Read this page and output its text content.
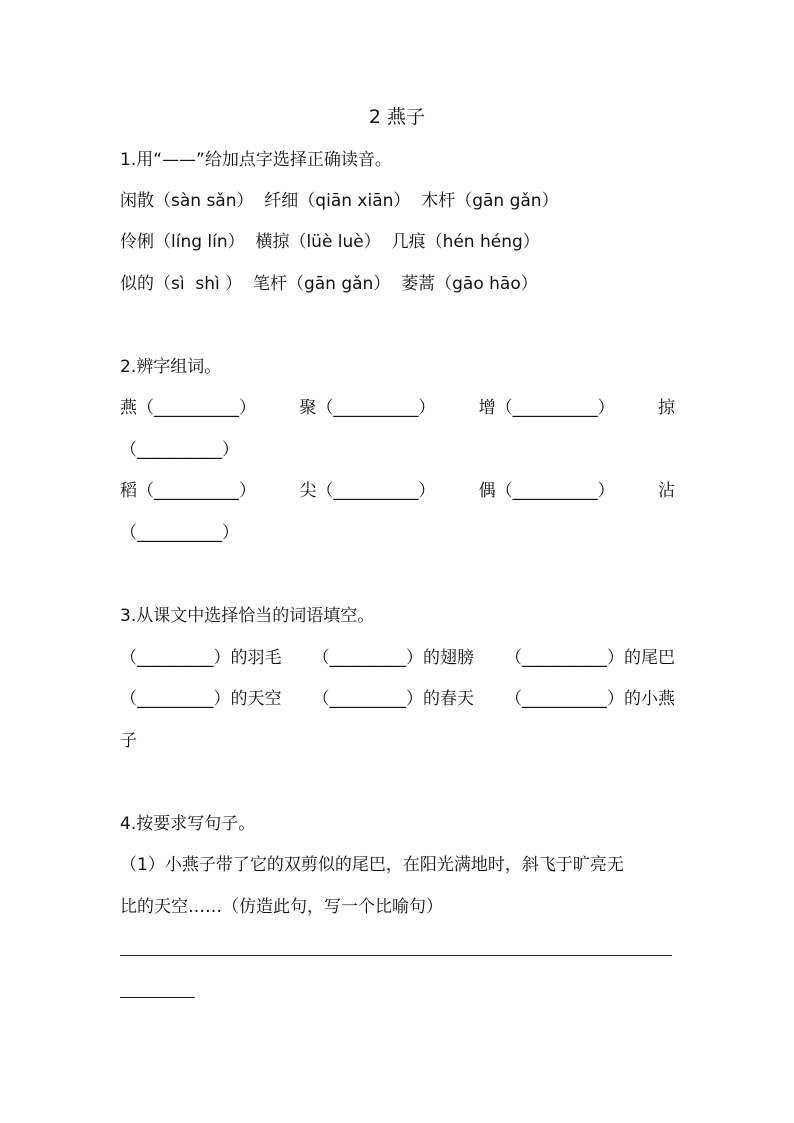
2 燕子
1.用“——”给加点字选择正确读音。
闲散（sàn sǎn）  纤细（qiān xiān）  木杆（gān gǎn）
伶俐（líng lín）  横掠（lüè luè）  几痕（hén héng）
似的（sì  shì ）  笔杆（gān gǎn）  萎蒿（gāo hāo）
2.辨字组词。
燕（__________）	聚（__________）	增（__________）	掠
（__________）
稻（__________）	尖（__________）	偶（__________）	沾
（__________）
3.从课文中选择恰当的词语填空。
（_________）的羽毛 （_________）的翅膀 （__________）的尾巴
（_________）的天空 （_________）的春天 （__________）的小燕
子
4.按要求写句子。
（1）小燕子带了它的双剪似的尾巴，在阳光满地时，斜飞于旷亮无
比的天空……（仿造此句，写一个比喻句）
